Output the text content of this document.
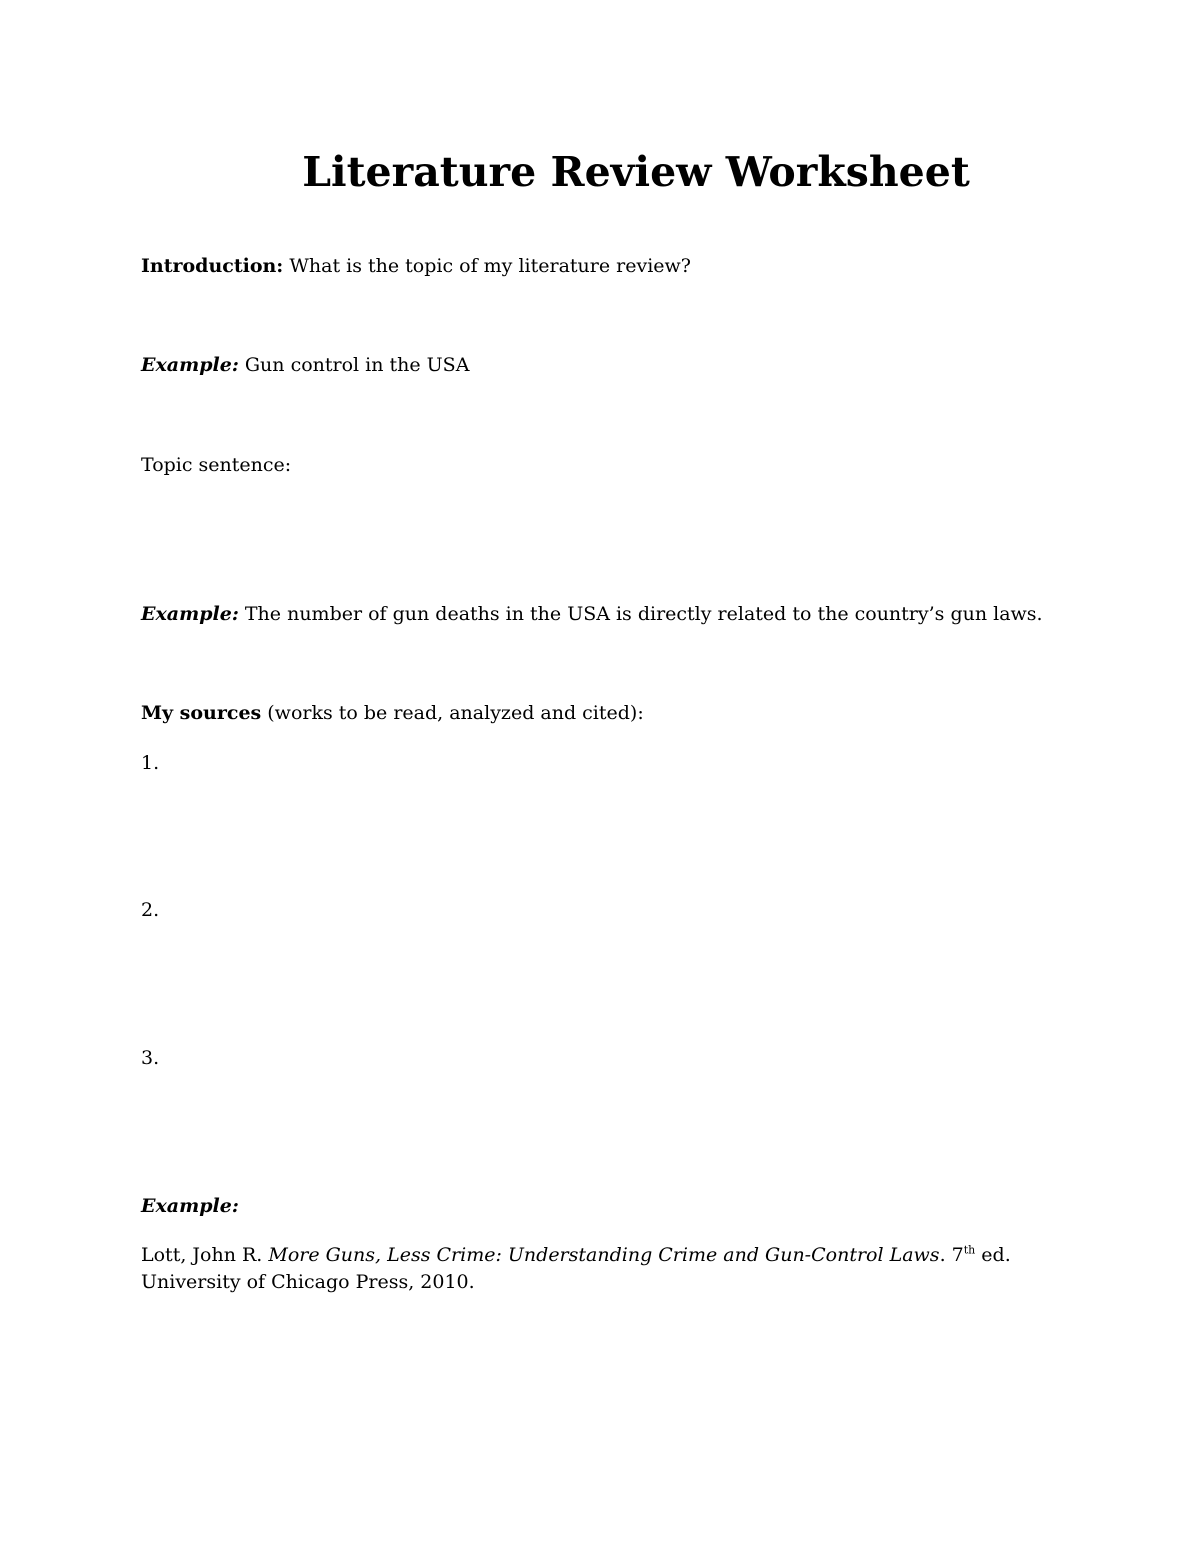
Literature Review Worksheet
Introduction: What is the topic of my literature review?
Example: Gun control in the USA
Topic sentence:
Example: The number of gun deaths in the USA is directly related to the country’s gun laws.
My sources (works to be read, analyzed and cited):
1.
2.
3.
Example:
Lott, John R. More Guns, Less Crime: Understanding Crime and Gun-Control Laws. 7th ed.
University of Chicago Press, 2010.
